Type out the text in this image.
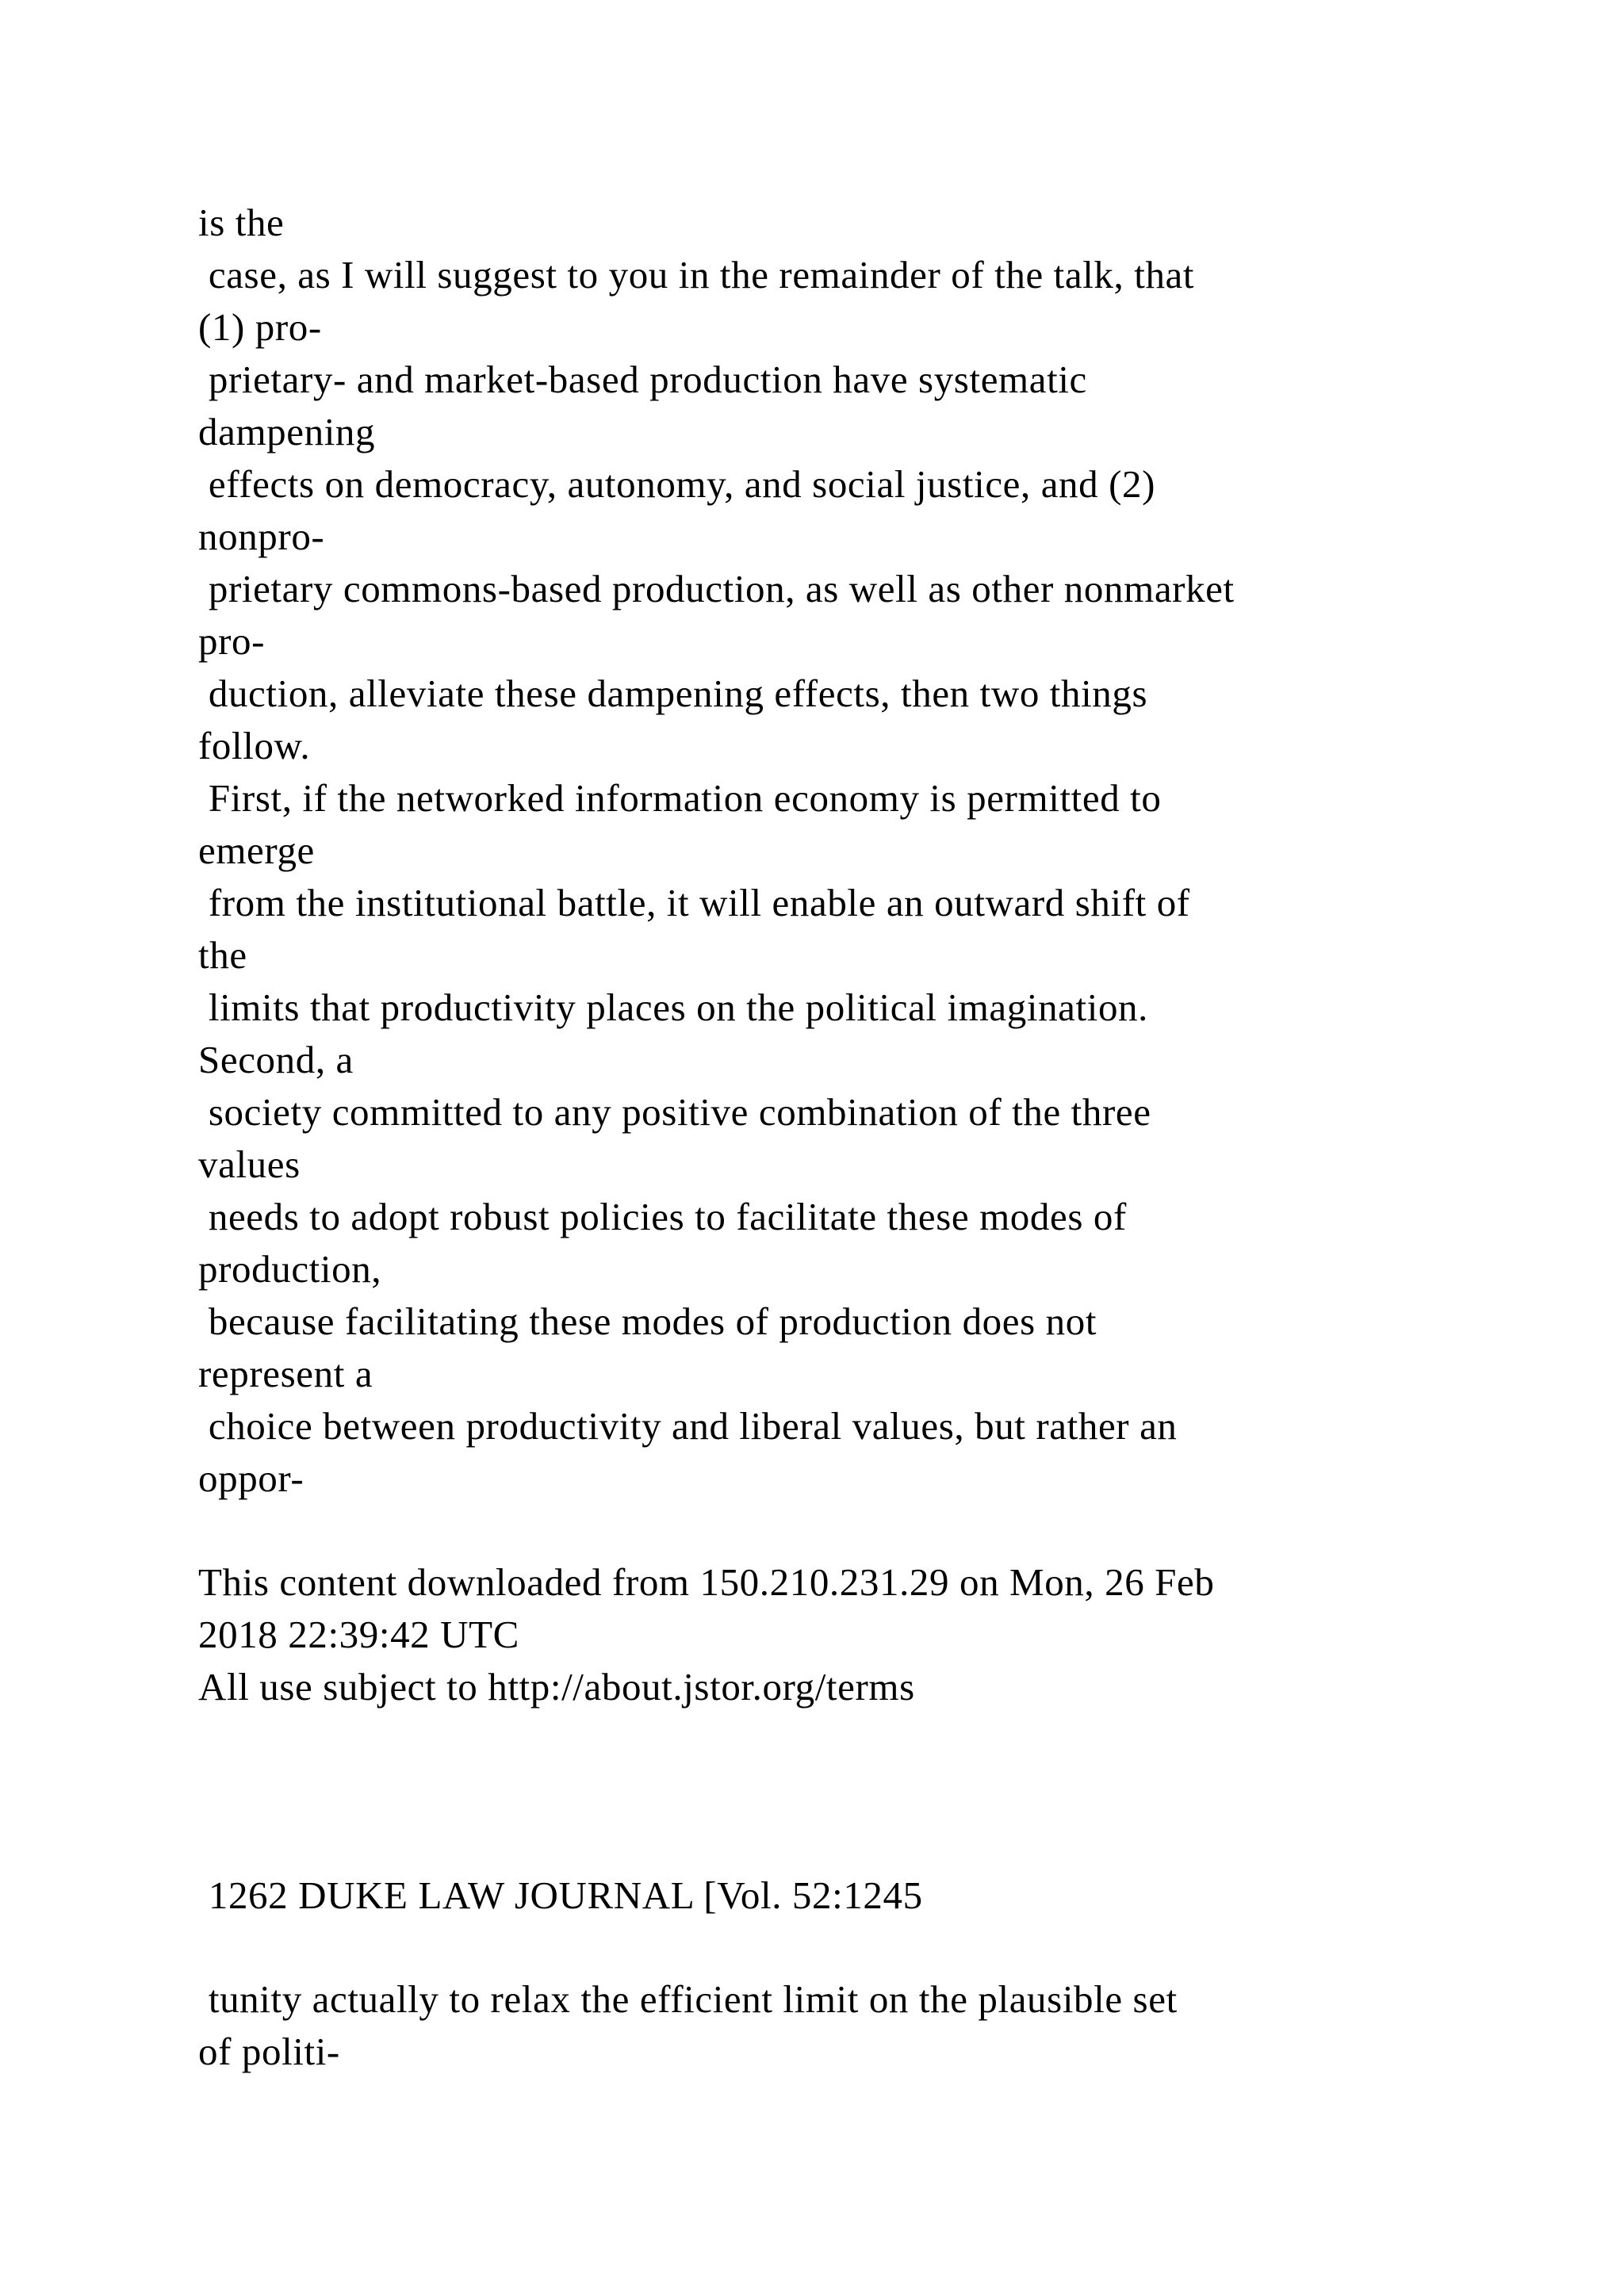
is the

case, as I will suggest to you in the remainder of the talk, that

(1) pro-

prietary- and market-based production have systematic

dampening

effects on democracy, autonomy, and social justice, and (2)

nonpro-

prietary commons-based production, as well as other nonmarket

pro-

duction, alleviate these dampening effects, then two things

follow.

First, if the networked information economy is permitted to

emerge

from the institutional battle, it will enable an outward shift of

the

limits that productivity places on the political imagination.

Second, a

society committed to any positive combination of the three

values

needs to adopt robust policies to facilitate these modes of

production,

because facilitating these modes of production does not

represent a

choice between productivity and liberal values, but rather an

oppor-

This content downloaded from 150.210.231.29 on Mon, 26 Feb

2018 22:39:42 UTC

All use subject to http://about.jstor.org/terms

1262 DUKE LAW JOURNAL [Vol. 52:1245

tunity actually to relax the efficient limit on the plausible set

of politi-
